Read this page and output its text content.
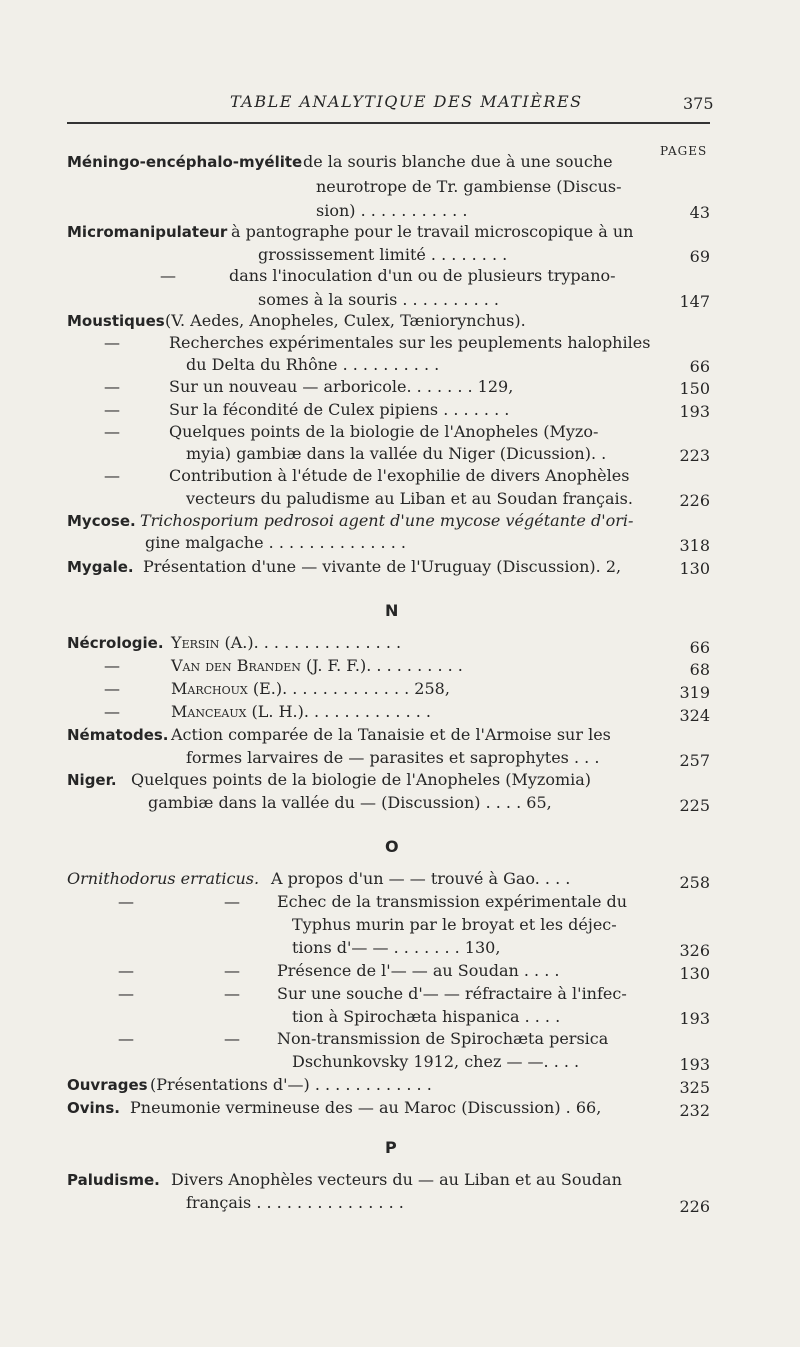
TABLE ANALYTIQUE DES MATIÈRES	375
PAGES
Méningo-encéphalo-myélite de la souris blanche due à une souche
neurotrope de Tr. gambiense (Discus-
sion) . . . . . . . . . . .	43
Micromanipulateur à pantographe pour le travail microscopique à un
grossissement limité . . . . . . . .	69
—	dans l'inoculation d'un ou de plusieurs trypano-
somes à la souris . . . . . . . . . .	147
Moustiques (V. Aedes, Anopheles, Culex, Tæniorynchus).
—	Recherches expérimentales sur les peuplements halophiles
du Delta du Rhône . . . . . . . . . .	66
—	Sur un nouveau — arboricole. . . . . . . 129,	150
—	Sur la fécondité de Culex pipiens . . . . . . .	193
—	Quelques points de la biologie de l'Anopheles (Myzo-
myia) gambiæ dans la vallée du Niger (Dicussion). .	223
—	Contribution à l'étude de l'exophilie de divers Anophèles
vecteurs du paludisme au Liban et au Soudan français.	226
Mycose. Trichosporium pedrosoi agent d'une mycose végétante d'ori-
gine malgache . . . . . . . . . . . . . .	318
Mygale. Présentation d'une — vivante de l'Uruguay (Discussion). 2,	130
N
Nécrologie. Yersin (A.). . . . . . . . . . . . . . .	66
—	Van den Branden (J. F. F.). . . . . . . . . .	68
—	Marchoux (E.). . . . . . . . . . . . . 258,	319
—	Manceaux (L. H.). . . . . . . . . . . . .	324
Nématodes. Action comparée de la Tanaisie et de l'Armoise sur les
formes larvaires de — parasites et saprophytes . . .	257
Niger. Quelques points de la biologie de l'Anopheles (Myzomia)
gambiæ dans la vallée du — (Discussion) . . . . 65,	225
O
Ornithodorus erraticus. A propos d'un — — trouvé à Gao. . . .	258
—	— Echec de la transmission expérimentale du
Typhus murin par le broyat et les déjec-
tions d'— — . . . . . . . 130,	326
—	— Présence de l'— — au Soudan . . . .	130
—	— Sur une souche d'— — réfractaire à l'infec-
tion à Spirochæta hispanica . . . .	193
—	— Non-transmission de Spirochæta persica
Dschunkovsky 1912, chez — —. . . .	193
Ouvrages (Présentations d'—) . . . . . . . . . . . .	325
Ovins. Pneumonie vermineuse des — au Maroc (Discussion) . 66,	232
P
Paludisme. Divers Anophèles vecteurs du — au Liban et au Soudan
français . . . . . . . . . . . . . . .	226
